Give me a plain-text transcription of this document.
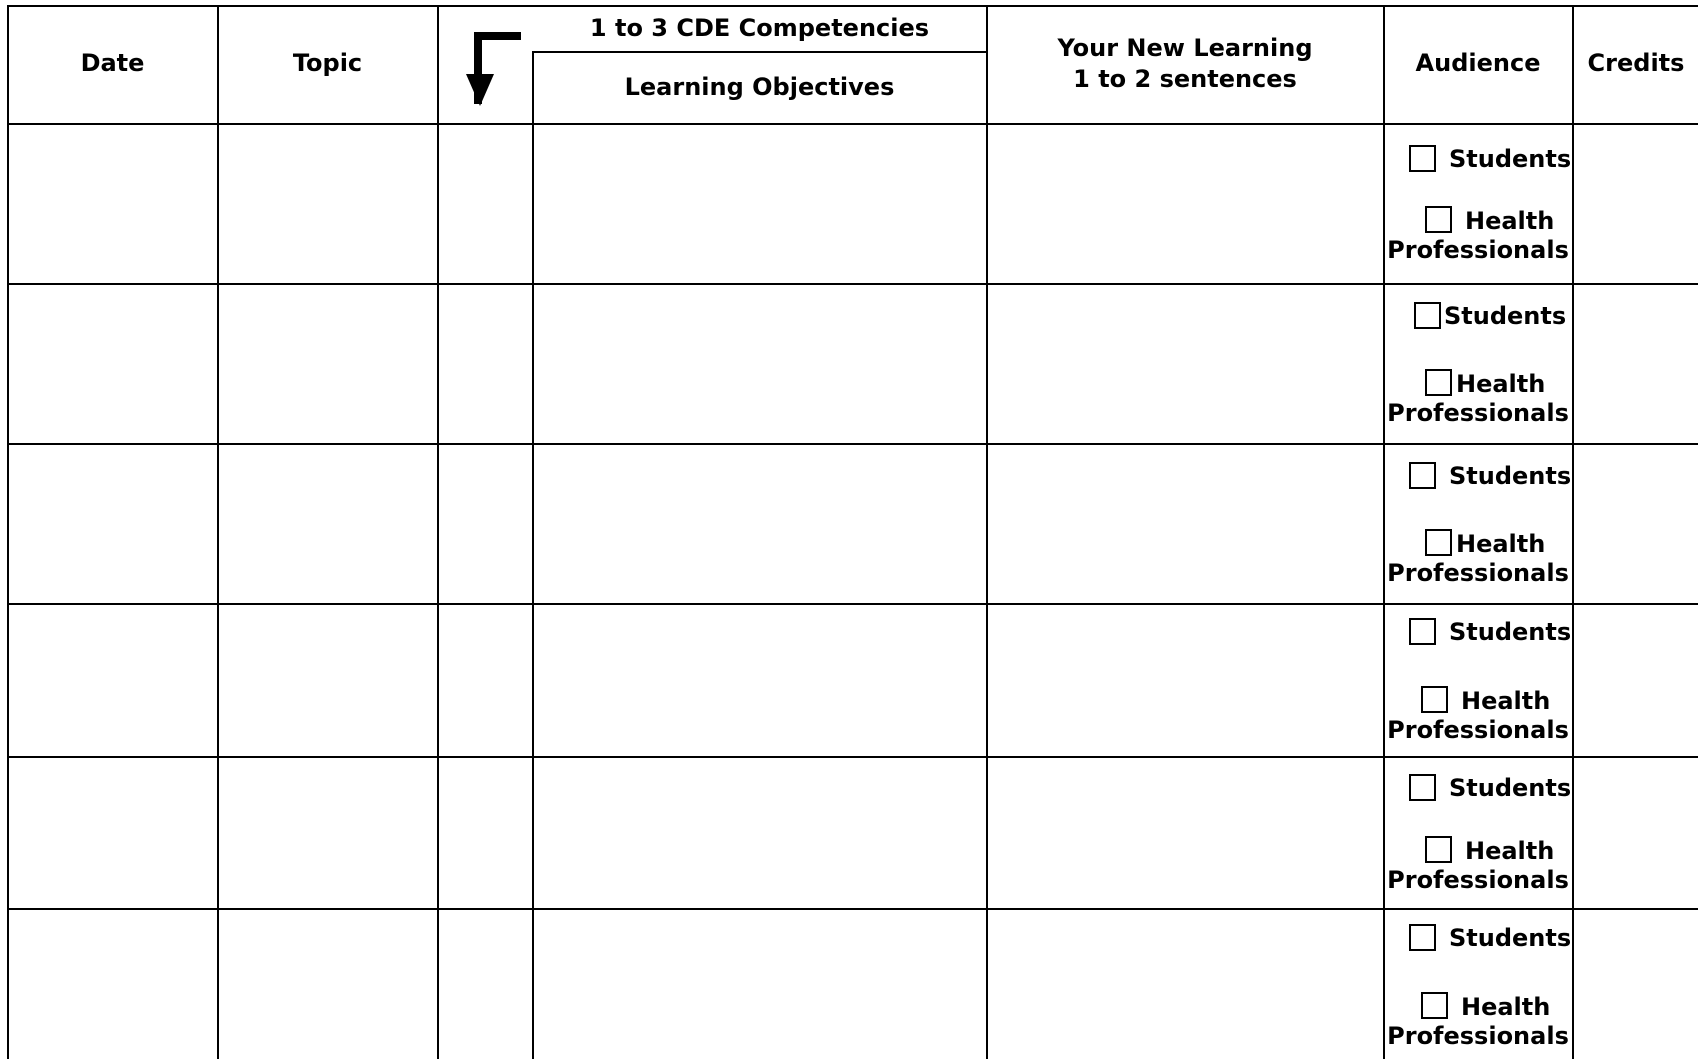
Date	Topic
1 to 3 CDE Competencies
Learning Objectives
Your New Learning
1 to 2 sentences
Audience	Credits
Students
Health
Professionals
Students
Health
Professionals
Students
Health
Professionals
Students
Health
Professionals
Students
Health
Professionals
Students
Health
Professionals
